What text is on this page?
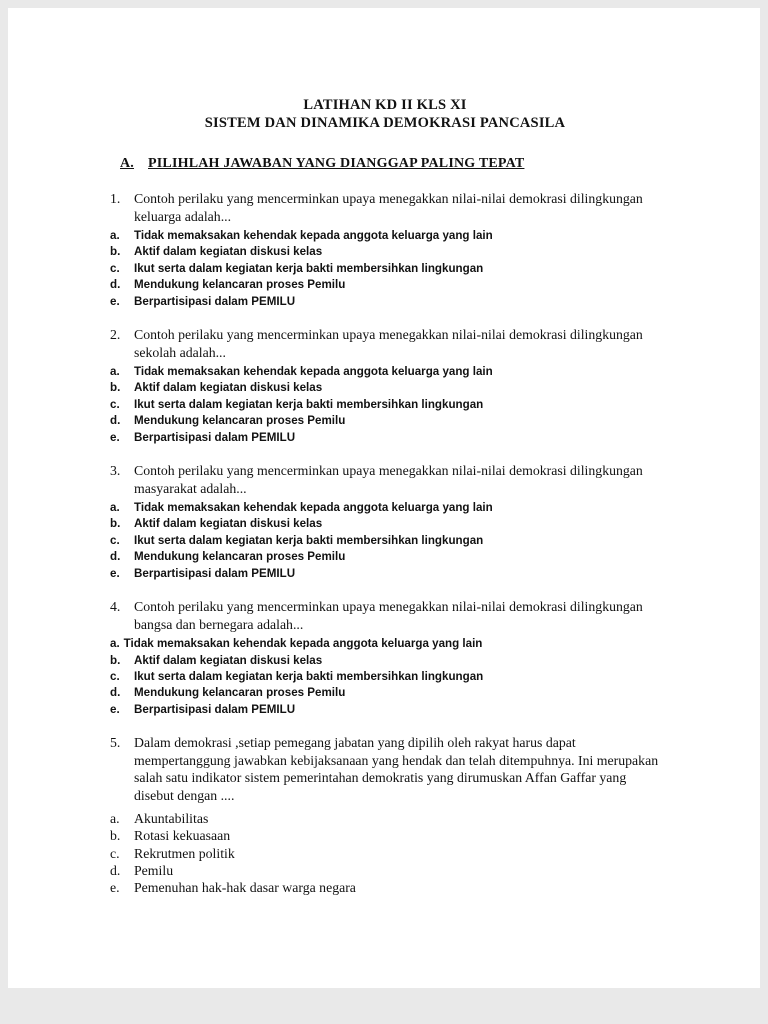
LATIHAN KD II KLS XI
SISTEM DAN DINAMIKA DEMOKRASI PANCASILA
A. PILIHLAH JAWABAN YANG DIANGGAP PALING TEPAT
1. Contoh perilaku yang mencerminkan upaya menegakkan nilai-nilai demokrasi dilingkungan keluarga adalah...
a.	Tidak memaksakan kehendak kepada anggota keluarga yang lain
b.	Aktif dalam kegiatan diskusi kelas
c.	Ikut serta dalam kegiatan kerja bakti membersihkan lingkungan
d.	Mendukung kelancaran proses Pemilu
e.	Berpartisipasi dalam PEMILU
2. Contoh perilaku yang mencerminkan upaya menegakkan nilai-nilai demokrasi dilingkungan sekolah adalah...
a.	Tidak memaksakan kehendak kepada anggota keluarga yang lain
b.	Aktif dalam kegiatan diskusi kelas
c.	Ikut serta dalam kegiatan kerja bakti membersihkan lingkungan
d.	Mendukung kelancaran proses Pemilu
e.	Berpartisipasi dalam PEMILU
3. Contoh perilaku yang mencerminkan upaya menegakkan nilai-nilai demokrasi dilingkungan masyarakat adalah...
a.	Tidak memaksakan kehendak kepada anggota keluarga yang lain
b.	Aktif dalam kegiatan diskusi kelas
c.	Ikut serta dalam kegiatan kerja bakti membersihkan lingkungan
d.	Mendukung kelancaran proses Pemilu
e.	Berpartisipasi dalam PEMILU
4. Contoh perilaku yang mencerminkan upaya menegakkan nilai-nilai demokrasi dilingkungan bangsa dan bernegara adalah...
a. Tidak memaksakan kehendak kepada anggota keluarga yang lain
b.	Aktif dalam kegiatan diskusi kelas
c.	Ikut serta dalam kegiatan kerja bakti membersihkan lingkungan
d.	Mendukung kelancaran proses Pemilu
e.	Berpartisipasi dalam PEMILU
5. Dalam demokrasi ,setiap pemegang jabatan yang dipilih oleh rakyat harus dapat mempertanggung jawabkan kebijaksanaan yang hendak dan telah ditempuhnya. Ini merupakan salah satu indikator sistem pemerintahan demokratis yang dirumuskan Affan Gaffar yang disebut dengan ....
a.	Akuntabilitas
b. Rotasi kekuasaan
c.	Rekrutmen politik
d. Pemilu
e.	Pemenuhan hak-hak dasar warga negara
